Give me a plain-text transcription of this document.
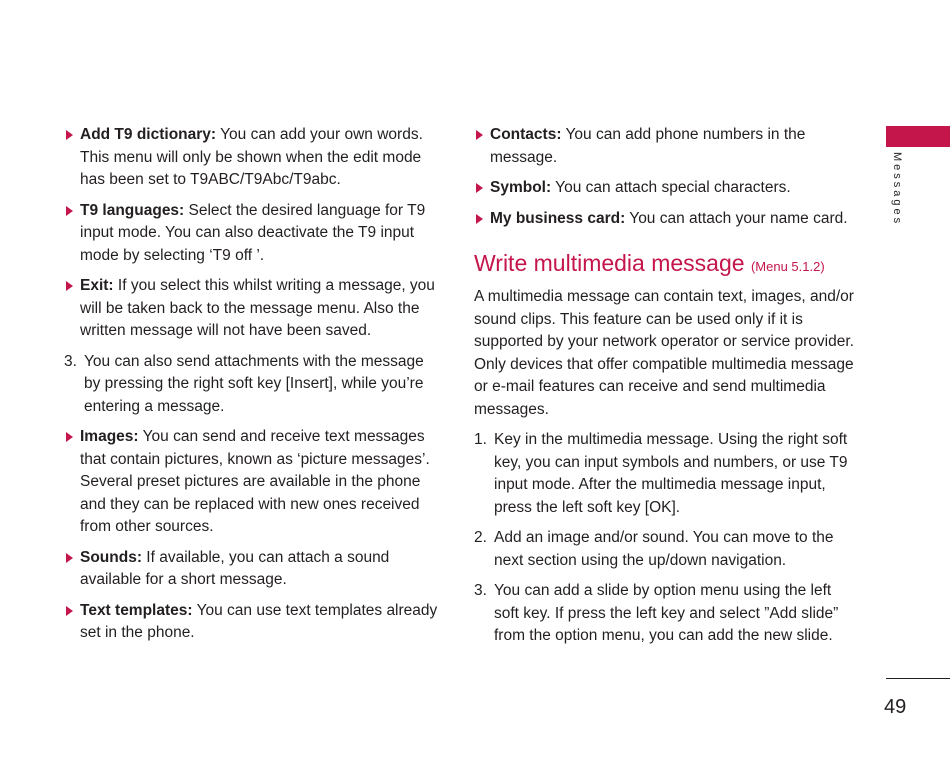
Add T9 dictionary: You can add your own words. This menu will only be shown when the edit mode has been set to T9ABC/T9Abc/T9abc.
T9 languages: Select the desired language for T9 input mode. You can also deactivate the T9 input mode by selecting ‘T9 off ’.
Exit: If you select this whilst writing a message, you will be taken back to the message menu. Also the written message will not have been saved.
3. You can also send attachments with the message by pressing the right soft key [Insert], while you’re entering a message.
Images: You can send and receive text messages that contain pictures, known as ‘picture messages’. Several preset pictures are available in the phone and they can be replaced with new ones received from other sources.
Sounds: If available, you can attach a sound available for a short message.
Text templates: You can use text templates already set in the phone.
Contacts: You can add phone numbers in the message.
Symbol: You can attach special characters.
My business card: You can attach your name card.
Write multimedia message (Menu 5.1.2)
A multimedia message can contain text, images, and/or sound clips. This feature can be used only if it is supported by your network operator or service provider. Only devices that offer compatible multimedia message or e-mail features can receive and send multimedia messages.
1. Key in the multimedia message. Using the right soft key, you can input symbols and numbers, or use T9 input mode. After the multimedia message input, press the left soft key [OK].
2. Add an image and/or sound. You can move to the next section using the up/down navigation.
3. You can add a slide by option menu using the left soft key. If press the left key and select ”Add slide” from the option menu, you can add the new slide.
Messages
49
